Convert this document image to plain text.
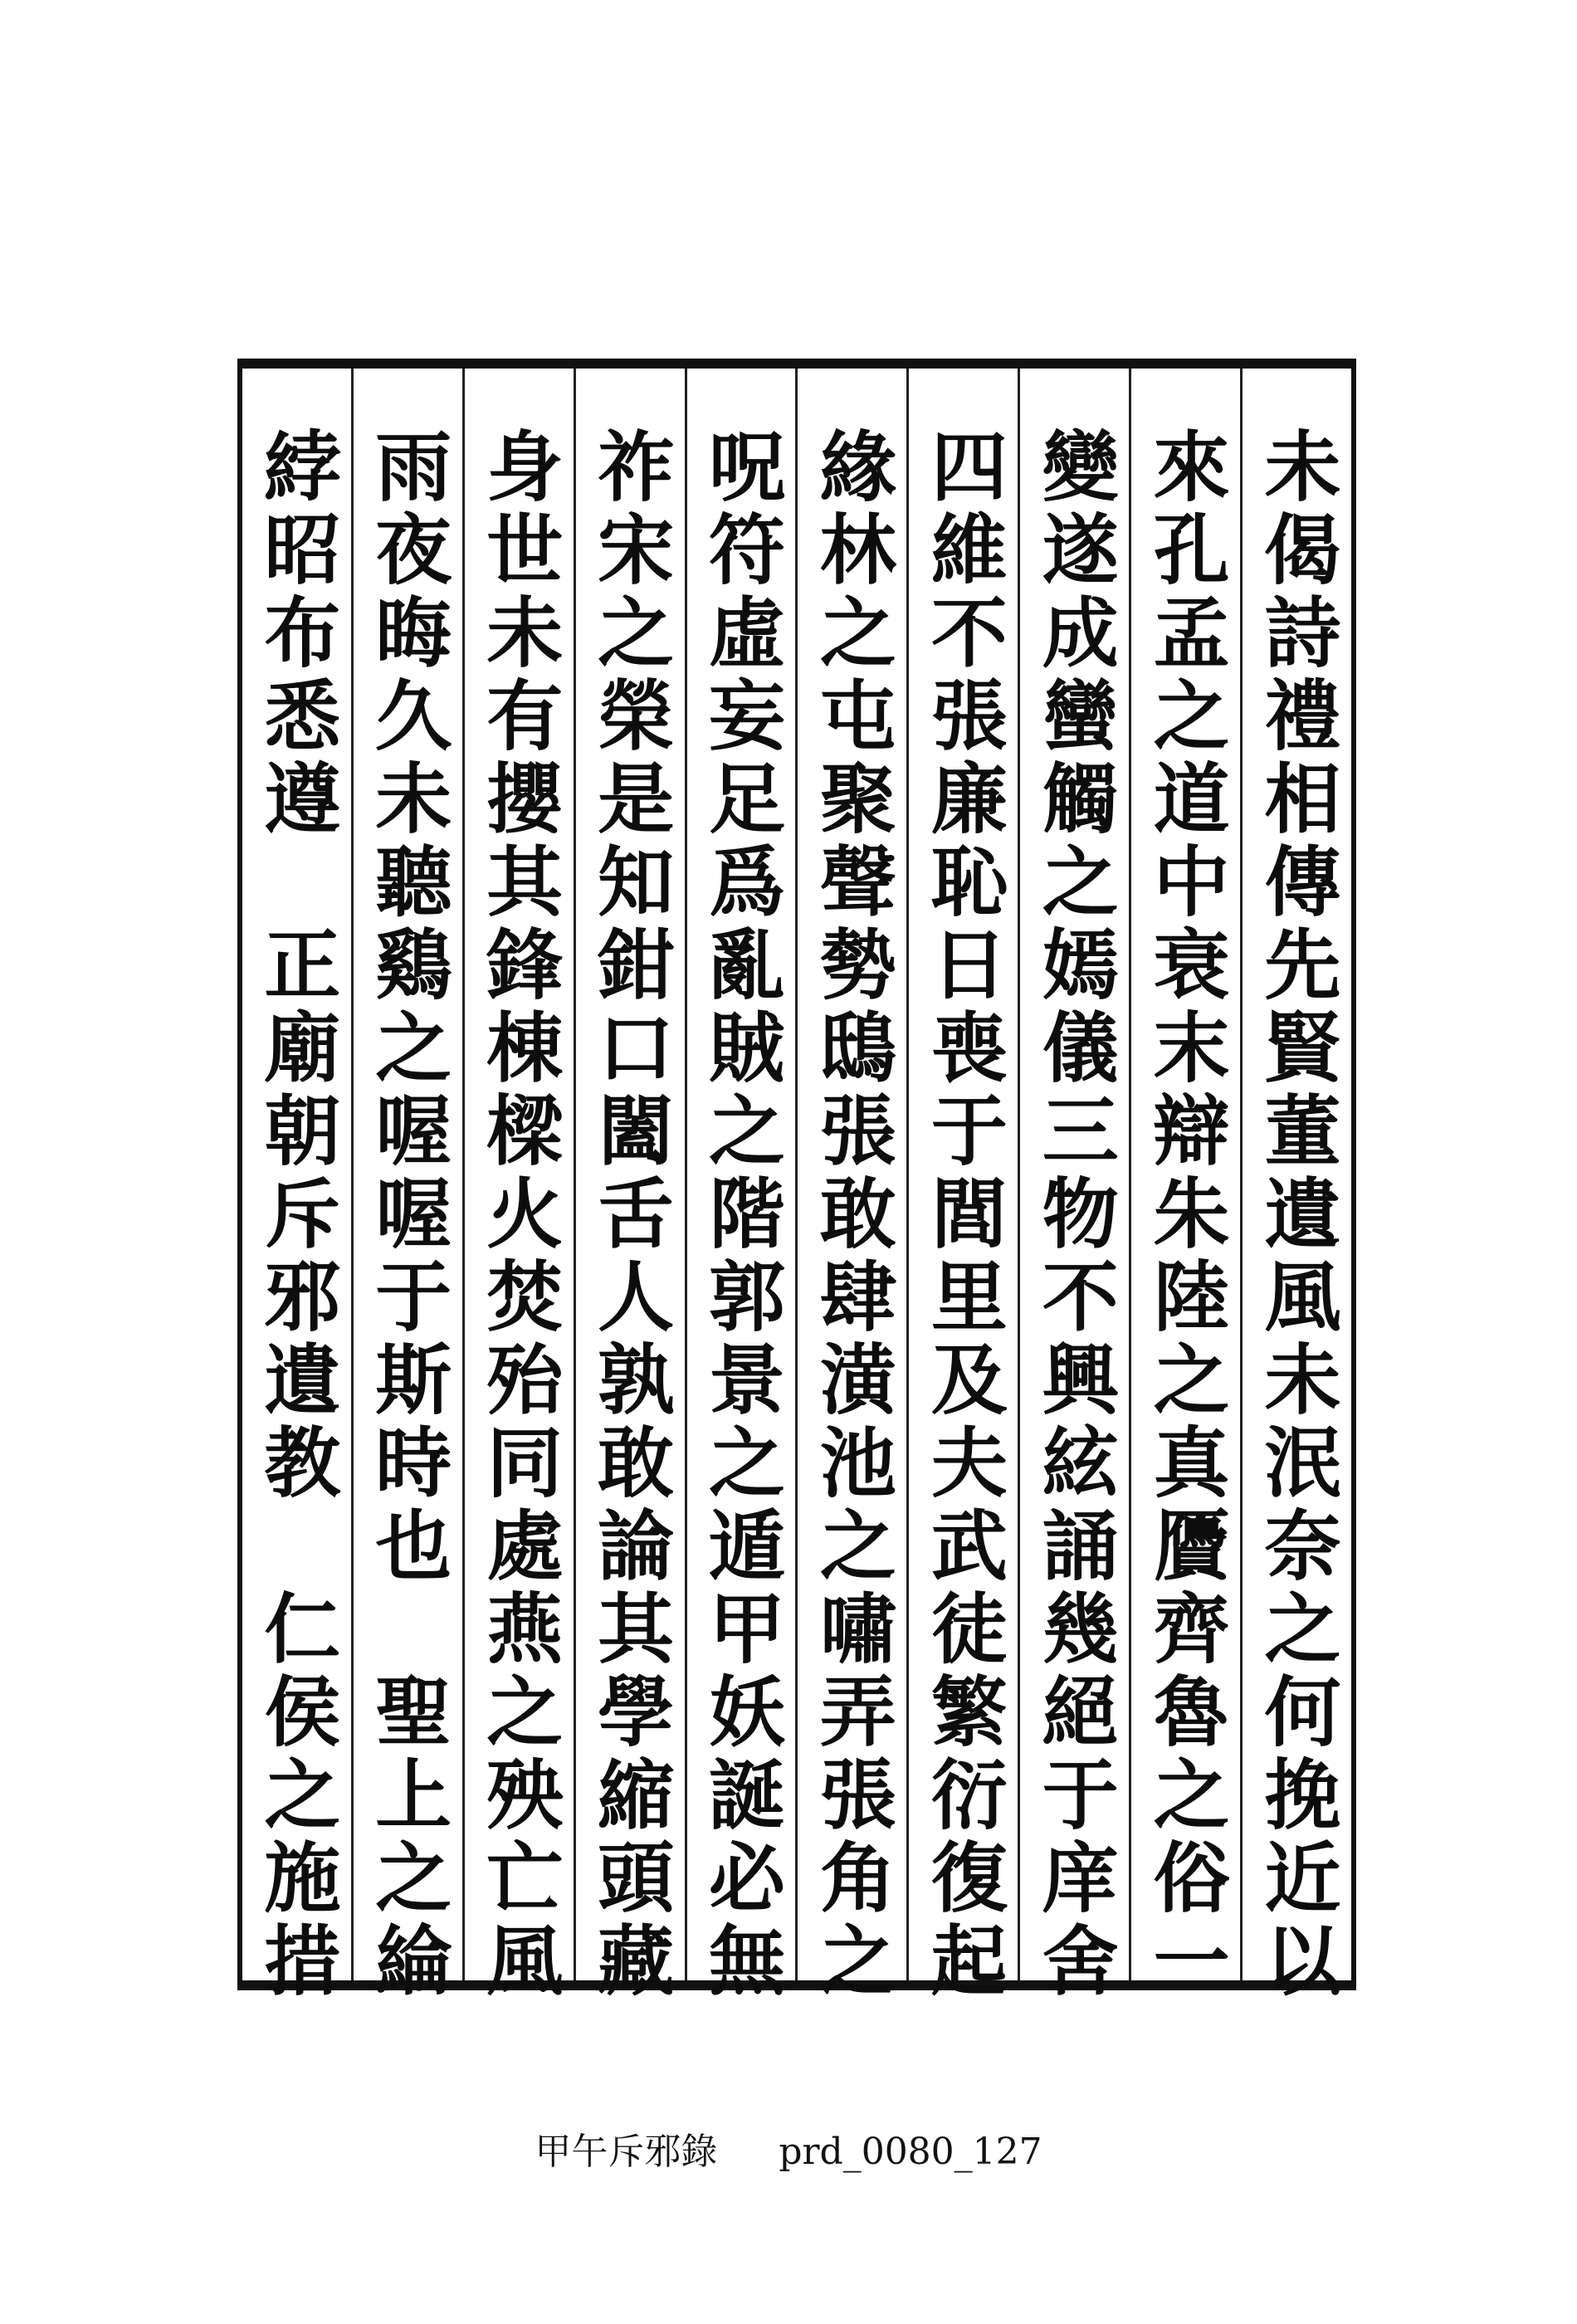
未偈詩禮相傳先賢董遺風未泯奈之何挽近以
來孔孟之道中衰末辯朱陸之真贗齊魯之俗一
變遂成蠻觸之嫣儀三物不興絃誦幾絕于庠舍
四維不張廉恥日喪于閭里及夫武徒繁衍復起
緣林之屯聚聲勢鴟張敢肆潢池之嘯弄張角之
呪符虛妄足爲亂賊之階郭景之遁甲妖誕必無
祚宋之榮是知鉗口闔舌人孰敢論其學縮頭藏
身世未有攖其鋒棟樑火焚殆同處燕之殃亡風
雨夜晦久未聽鷄之喔喔于斯時也　聖上之綸
綍昭布悉遵　正廟朝斥邪遺教　仁侯之施措
甲午斥邪錄 prd_0080_127
